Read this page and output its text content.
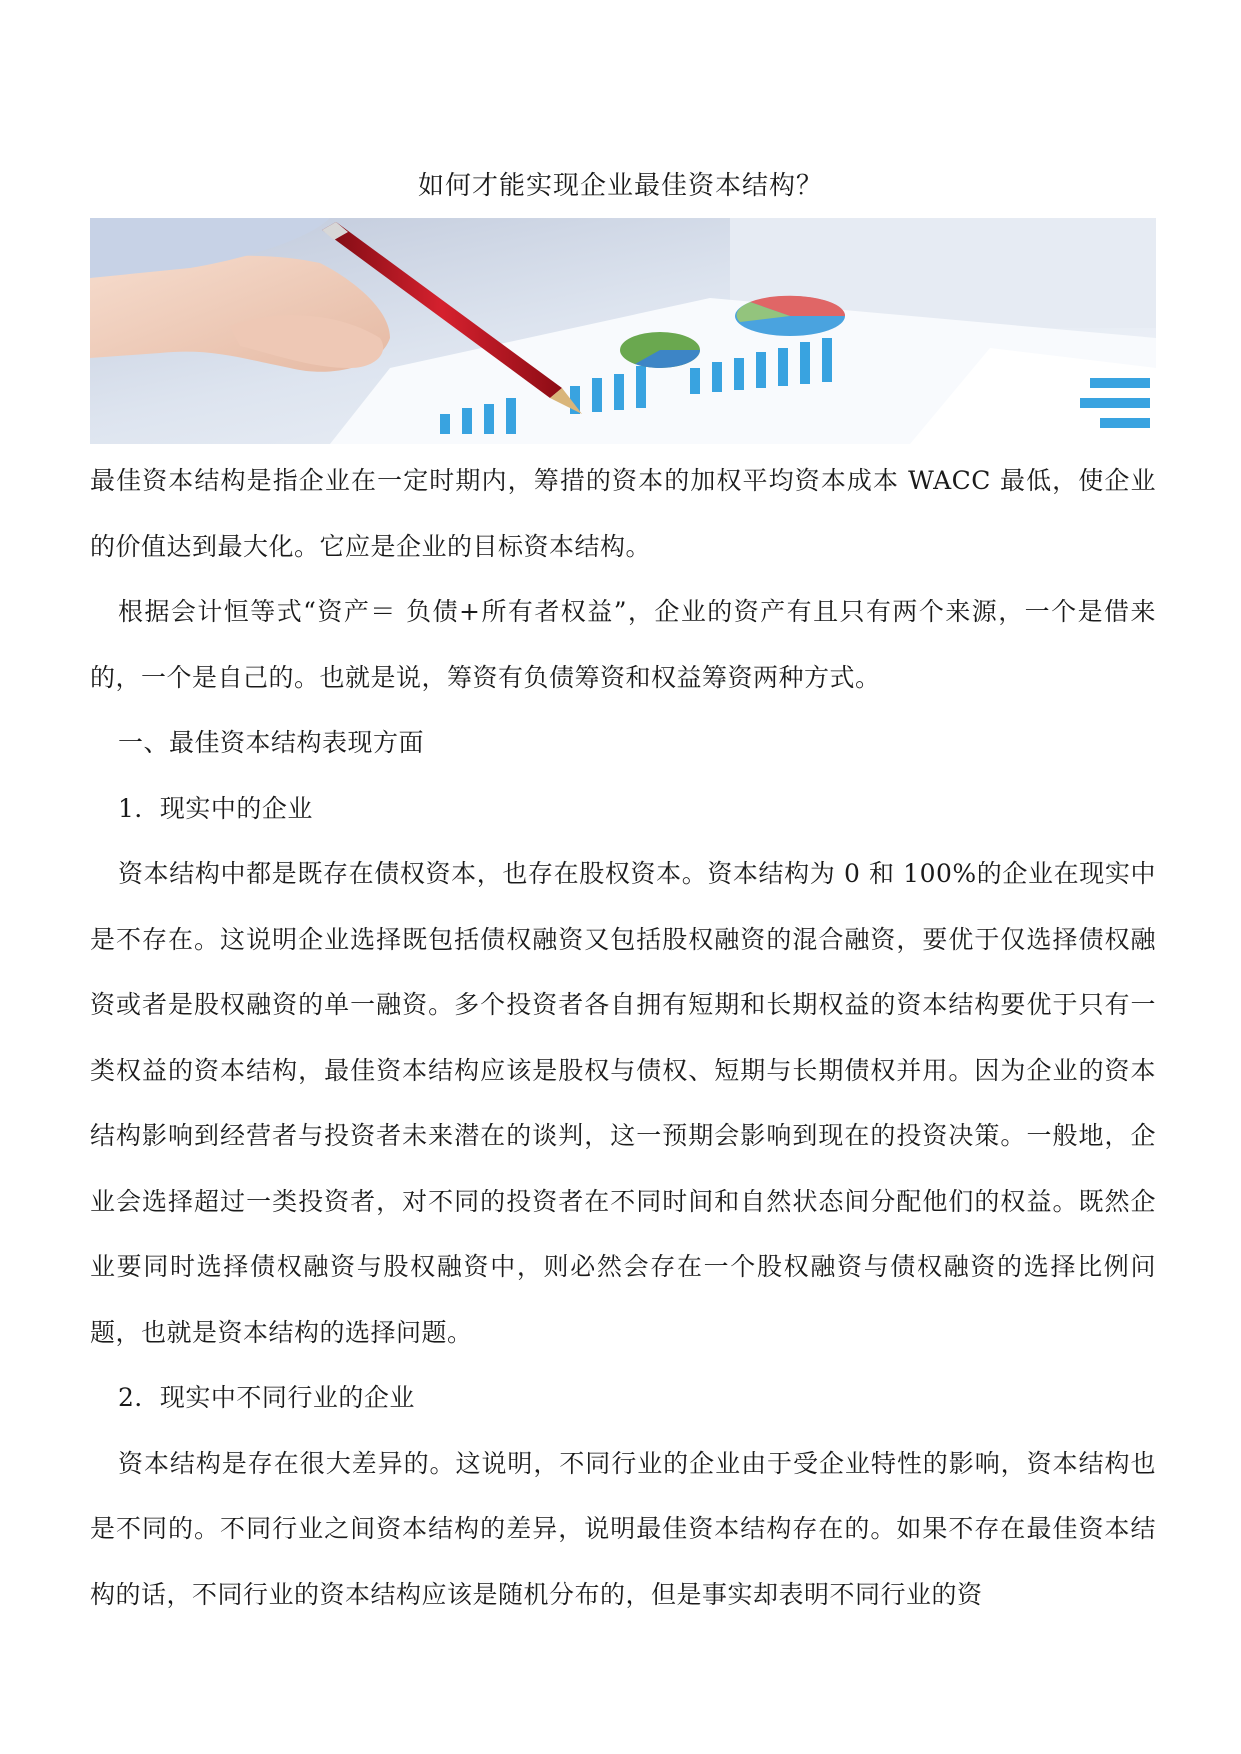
如何才能实现企业最佳资本结构？

最佳资本结构是指企业在一定时期内，筹措的资本的加权平均资本成本 WACC 最低，使企业的价值达到最大化。它应是企业的目标资本结构。

根据会计恒等式“资产＝ 负债+所有者权益”，企业的资产有且只有两个来源，一个是借来的，一个是自己的。也就是说，筹资有负债筹资和权益筹资两种方式。

一、最佳资本结构表现方面

1．现实中的企业

资本结构中都是既存在债权资本，也存在股权资本。资本结构为 0 和 100%的企业在现实中是不存在。这说明企业选择既包括债权融资又包括股权融资的混合融资，要优于仅选择债权融资或者是股权融资的单一融资。多个投资者各自拥有短期和长期权益的资本结构要优于只有一类权益的资本结构，最佳资本结构应该是股权与债权、短期与长期债权并用。因为企业的资本结构影响到经营者与投资者未来潜在的谈判，这一预期会影响到现在的投资决策。一般地，企业会选择超过一类投资者，对不同的投资者在不同时间和自然状态间分配他们的权益。既然企业要同时选择债权融资与股权融资中，则必然会存在一个股权融资与债权融资的选择比例问题，也就是资本结构的选择问题。

2．现实中不同行业的企业

资本结构是存在很大差异的。这说明，不同行业的企业由于受企业特性的影响，资本结构也是不同的。不同行业之间资本结构的差异，说明最佳资本结构存在的。如果不存在最佳资本结构的话，不同行业的资本结构应该是随机分布的，但是事实却表明不同行业的资
